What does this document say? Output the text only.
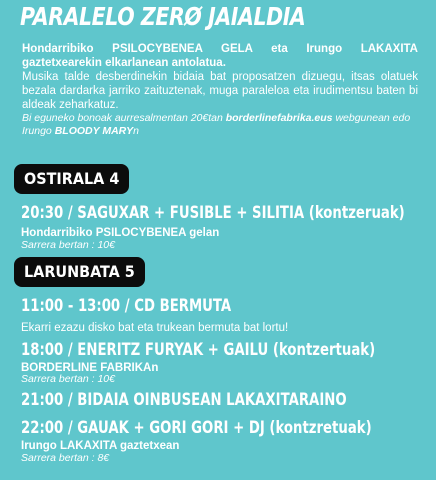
PARALELO ZERØ JAIALDIA
Hondarribiko PSILOCYBENEA GELA eta Irungo LAKAXITA gaztetxearekin elkarlanean antolatua.
Musika talde desberdinekin bidaia bat proposatzen dizuegu, itsas olatuek bezala dardarka jarriko zaituztenak, muga paraleloa eta irudimentsu baten bi aldeak zeharkatuz.
Bi eguneko bonoak aurresalmentan 20€tan borderlinefabrika.eus webgunean edo Irungo BLOODY MARYn
OSTIRALA 4
20:30 / SAGUXAR + FUSIBLE + SILITIA (kontzeruak)
Hondarribiko PSILOCYBENEA gelan
Sarrera bertan : 10€
LARUNBATA 5
11:00 - 13:00 / CD BERMUTA
Ekarri ezazu disko bat eta trukean bermuta bat lortu!
18:00 / ENERITZ FURYAK + GAILU (kontzertuak)
BORDERLINE FABRIKAn
Sarrera bertan : 10€
21:00 / BIDAIA OINBUSEAN LAKAXITARAINO
22:00 / GAUAK + GORI GORI + DJ (kontzretuak)
Irungo LAKAXITA gaztetxean
Sarrera bertan : 8€
